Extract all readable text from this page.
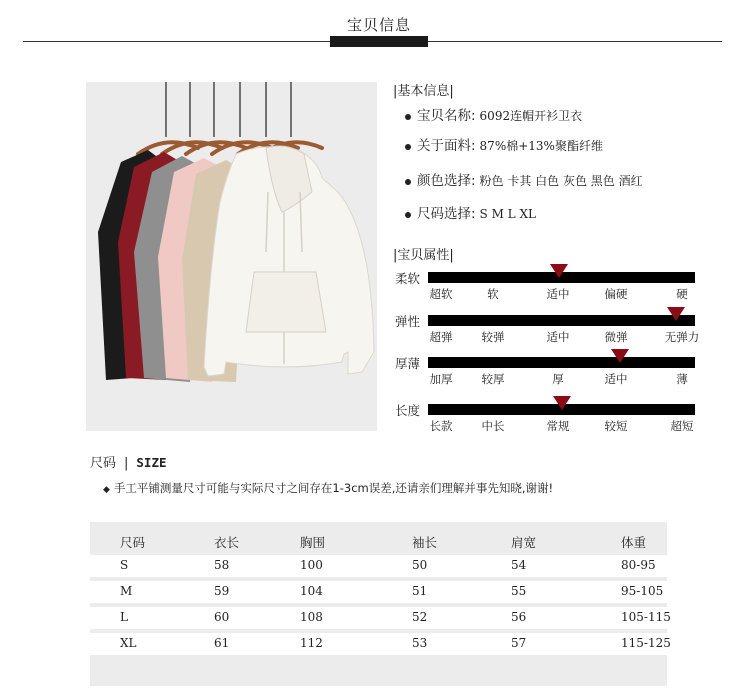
宝贝信息
|基本信息|
宝贝名称: 6092连帽开衫卫衣
关于面料: 87%棉+13%聚酯纤维
颜色选择: 粉色 卡其 白色 灰色 黑色 酒红
尺码选择: S M L XL
|宝贝属性|
柔软
超软	软	适中	偏硬	硬
弹性
超弹	较弹	适中	微弹	无弹力
厚薄
加厚	较厚	厚	适中	薄
长度
长款	中长	常规	较短	超短
尺码 | SIZE
◆ 手工平铺测量尺寸可能与实际尺寸之间存在1-3cm误差,还请亲们理解并事先知晓,谢谢!
尺码	衣长	胸围	袖长	肩宽	体重
S	58	100	50	54	80-95
M	59	104	51	55	95-105
L	60	108	52	56	105-115
XL	61	112	53	57	115-125
